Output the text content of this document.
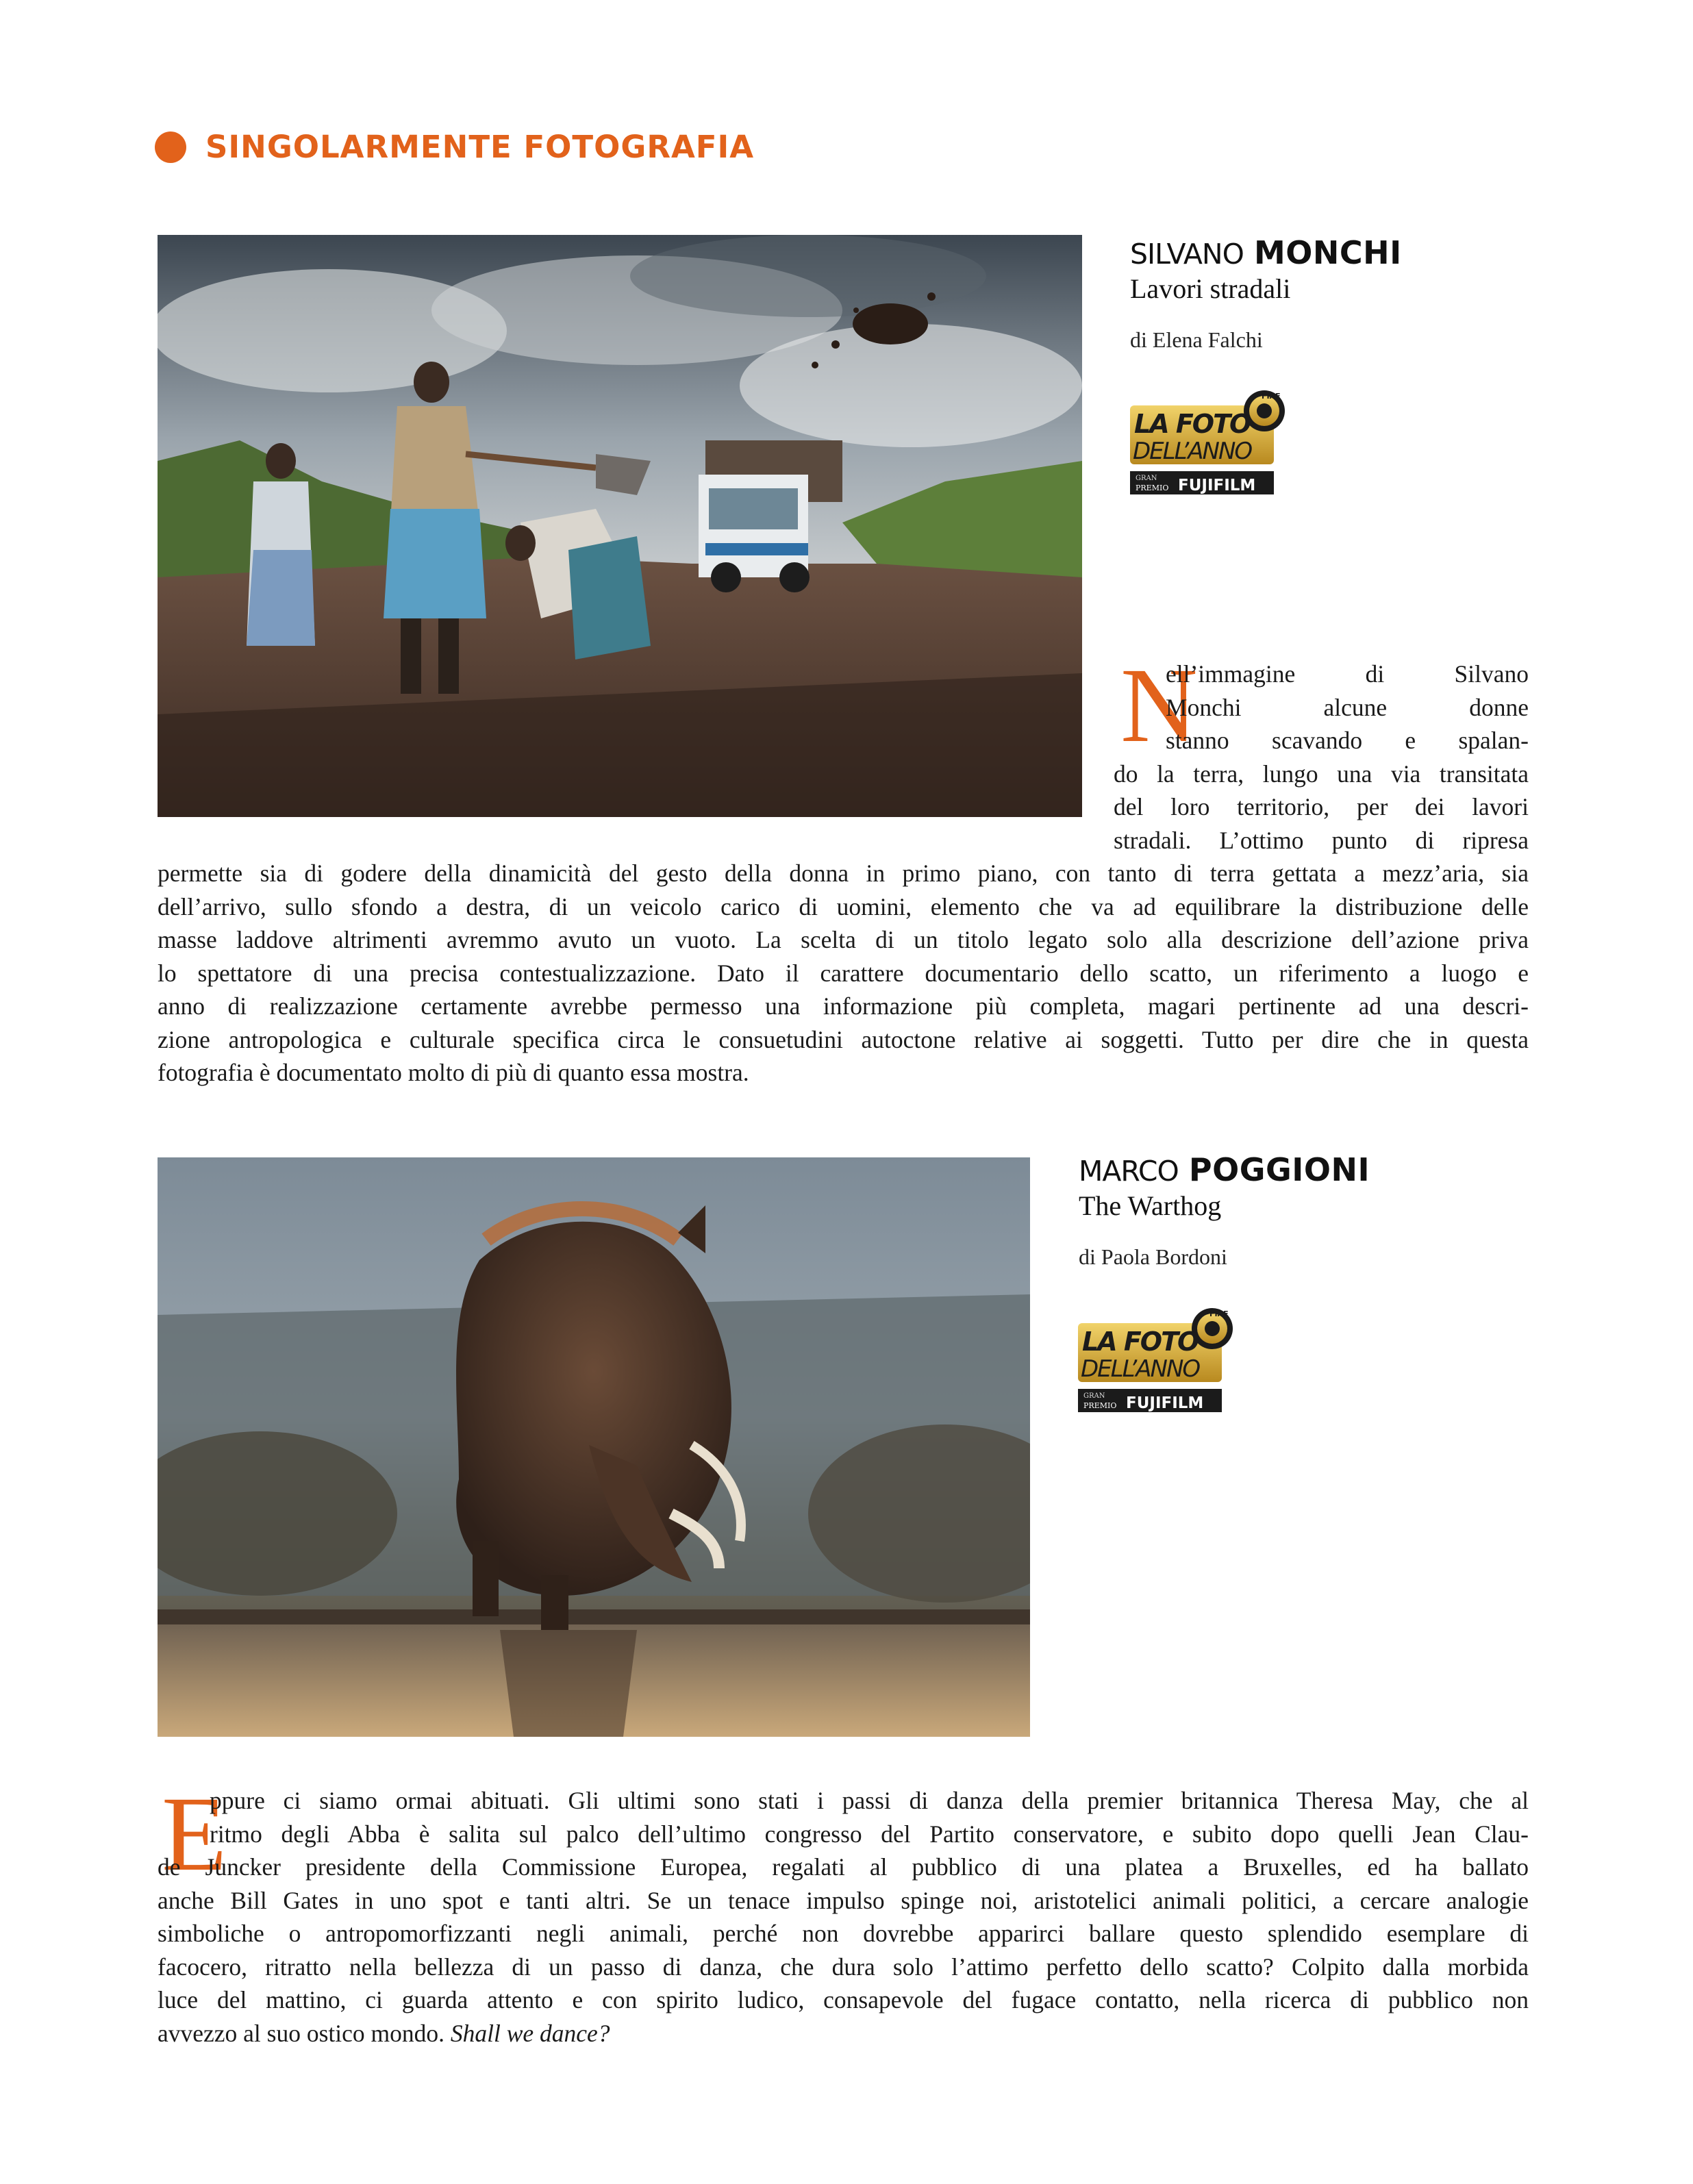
SINGOLARMENTE FOTOGRAFIA
SILVANO MONCHI
Lavori stradali
di Elena Falchi
FIAF
LA FOTO
DELL’ANNO
GRAN
PREMIO FUJIFILM
N
ell’immagine di Silvano
Monchi alcune donne
stanno scavando e spalan-
do la terra, lungo una via transitata
del loro territorio, per dei lavori
stradali. L’ottimo punto di ripresa
permette sia di godere della dinamicità del gesto della donna in primo piano, con tanto di terra gettata a mezz’aria, sia
dell’arrivo, sullo sfondo a destra, di un veicolo carico di uomini, elemento che va ad equilibrare la distribuzione delle
masse laddove altrimenti avremmo avuto un vuoto. La scelta di un titolo legato solo alla descrizione dell’azione priva
lo spettatore di una precisa contestualizzazione. Dato il carattere documentario dello scatto, un riferimento a luogo e
anno di realizzazione certamente avrebbe permesso una informazione più completa, magari pertinente ad una descri-
zione antropologica e culturale specifica circa le consuetudini autoctone relative ai soggetti. Tutto per dire che in questa
fotografia è documentato molto di più di quanto essa mostra.
MARCO POGGIONI
The Warthog
di Paola Bordoni
FIAF
LA FOTO
DELL’ANNO
GRAN
PREMIO FUJIFILM
E
ppure ci siamo ormai abituati. Gli ultimi sono stati i passi di danza della premier britannica Theresa May, che al
ritmo degli Abba è salita sul palco dell’ultimo congresso del Partito conservatore, e subito dopo quelli Jean Clau-
de Juncker presidente della Commissione Europea, regalati al pubblico di una platea a Bruxelles, ed ha ballato
anche Bill Gates in uno spot e tanti altri. Se un tenace impulso spinge noi, aristotelici animali politici, a cercare analogie
simboliche o antropomorfizzanti negli animali, perché non dovrebbe apparirci ballare questo splendido esemplare di
facocero, ritratto nella bellezza di un passo di danza, che dura solo l’attimo perfetto dello scatto? Colpito dalla morbida
luce del mattino, ci guarda attento e con spirito ludico, consapevole del fugace contatto, nella ricerca di pubblico non
avvezzo al suo ostico mondo. Shall we dance?
